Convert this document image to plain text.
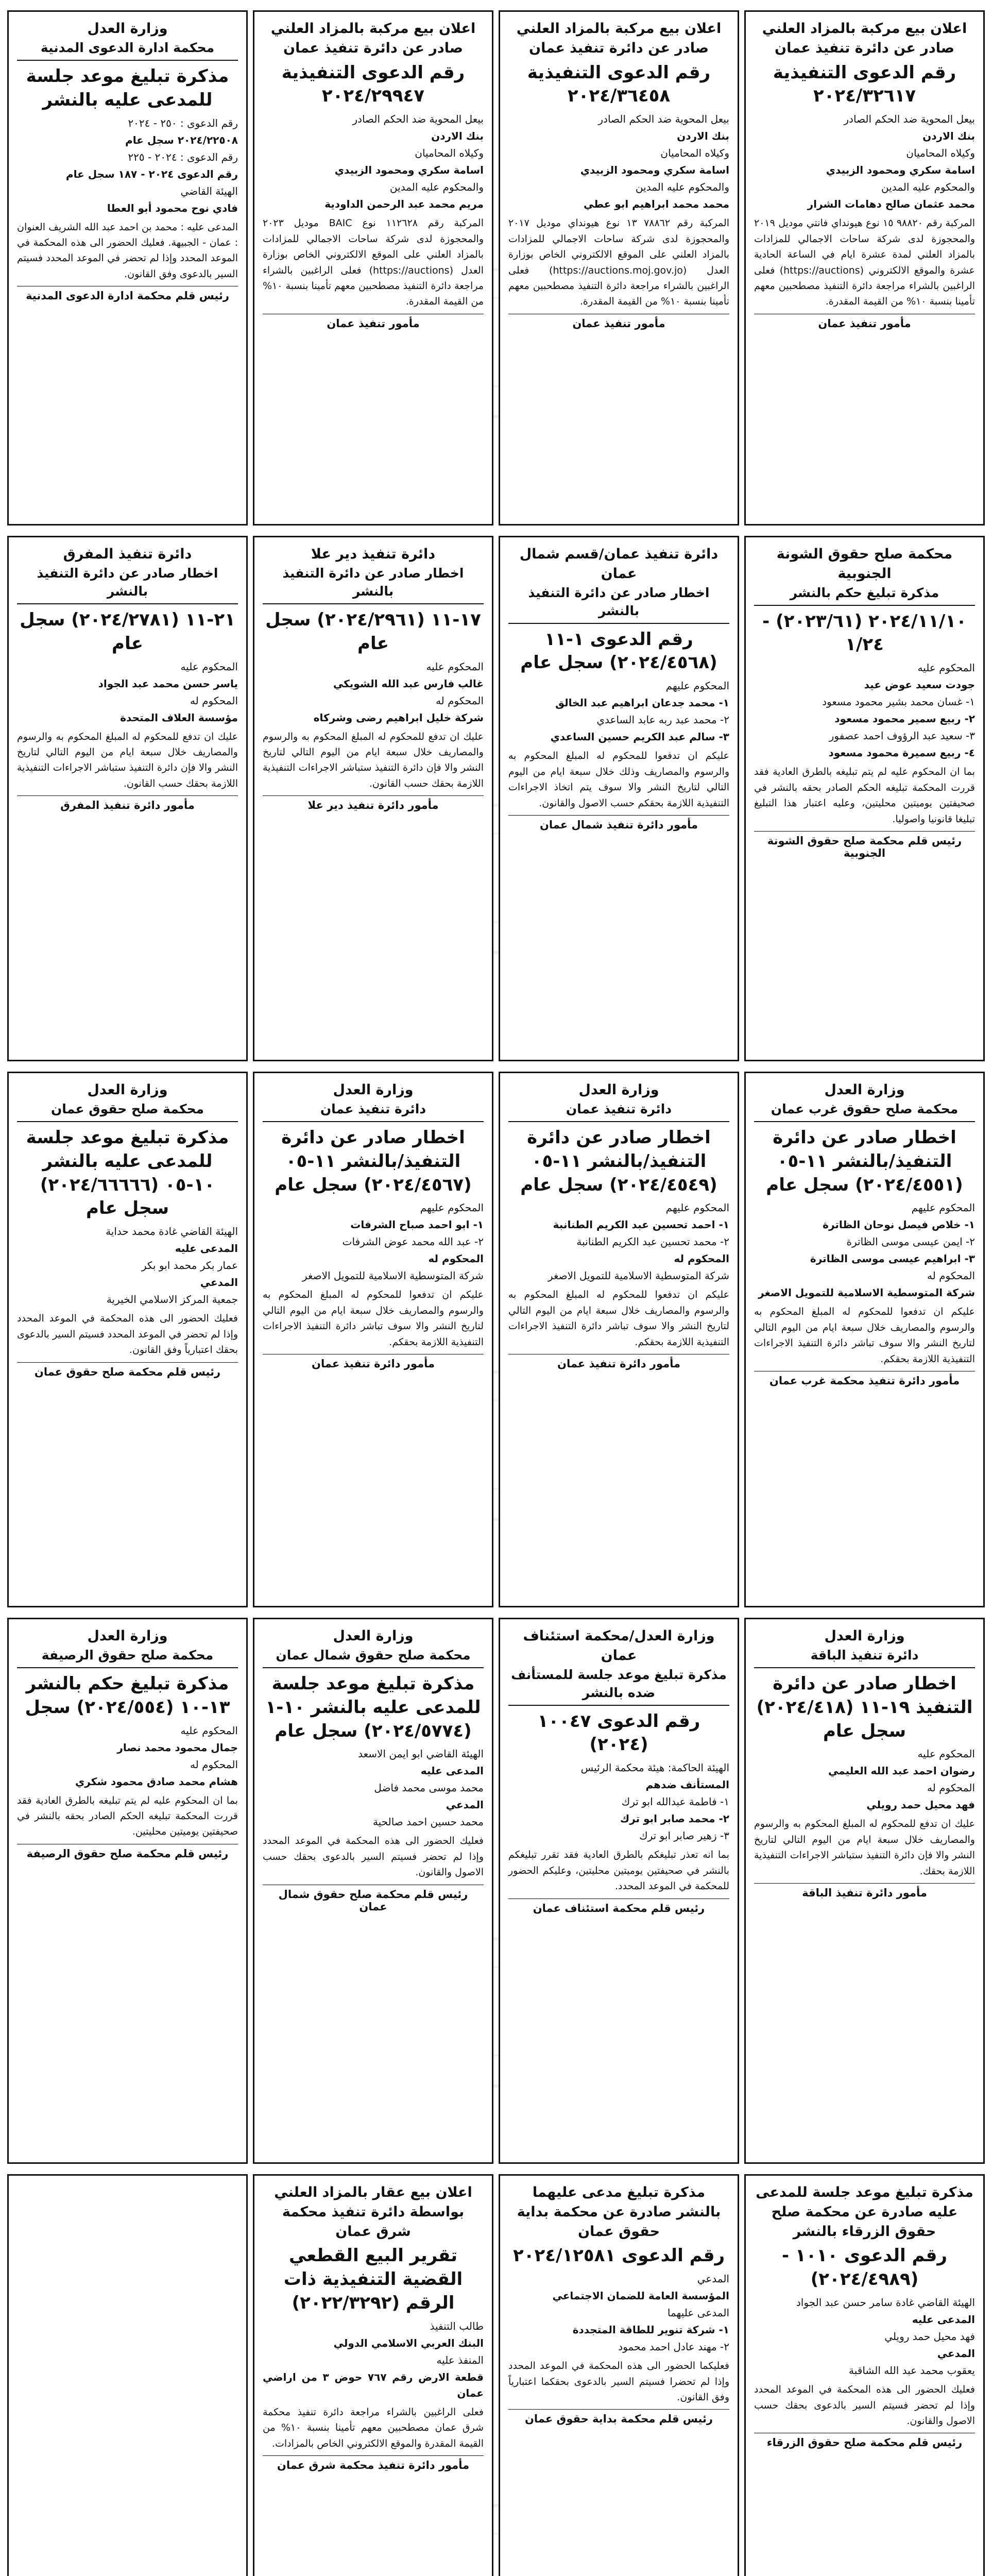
اعلان بيع مركبة بالمزاد العلني صادر عن دائرة تنفيذ عمان
رقم الدعوى التنفيذية ٢٠٢٤/٣٢٦١٧
بيعل المحوية ضد الحكم الصادر
بنك الاردن
وكيلاه المحاميان
اسامة سكري ومحمود الزبيدي
والمحكوم عليه المدين
محمد عثمان صالح دهامات الشرار
المركبة رقم ٩٨٨٢٠ ١٥ نوع هيونداي فانتي موديل ٢٠١٩ والمحجوزة لدى شركة ساحات الاجمالي للمزادات بالمزاد العلني لمدة عشرة ايام في الساعة الحادية عشرة والموقع الالكتروني (https://auctions) فعلى الراغبين بالشراء مراجعة دائرة التنفيذ مصطحبين معهم تأمينا بنسبة ١٠% من القيمة المقدرة.
مأمور تنفيذ عمان
اعلان بيع مركبة بالمزاد العلني صادر عن دائرة تنفيذ عمان
رقم الدعوى التنفيذية ٢٠٢٤/٣٦٤٥٨
بيعل المحوية ضد الحكم الصادر
بنك الاردن
وكيلاه المحاميان
اسامة سكري ومحمود الزبيدي
والمحكوم عليه المدين
محمد محمد ابراهيم ابو عطي
المركبة رقم ٧٨٨٦٢ ١٣ نوع هيونداي موديل ٢٠١٧ والمحجوزة لدى شركة ساحات الاجمالي للمزادات بالمزاد العلني على الموقع الالكتروني الخاص بوزارة العدل (https://auctions.moj.gov.jo) فعلى الراغبين بالشراء مراجعة دائرة التنفيذ مصطحبين معهم تأمينا بنسبة ١٠% من القيمة المقدرة.
مأمور تنفيذ عمان
اعلان بيع مركبة بالمزاد العلني صادر عن دائرة تنفيذ عمان
رقم الدعوى التنفيذية ٢٠٢٤/٢٩٩٤٧
بيعل المحوية ضد الحكم الصادر
بنك الاردن
وكيلاه المحاميان
اسامة سكري ومحمود الزبيدي
والمحكوم عليه المدين
مريم محمد عبد الرحمن الداودية
المركبة رقم ١١٢٦٢٨ نوع BAIC موديل ٢٠٢٣ والمحجوزة لدى شركة ساحات الاجمالي للمزادات بالمزاد العلني على الموقع الالكتروني الخاص بوزارة العدل (https://auctions) فعلى الراغبين بالشراء مراجعة دائرة التنفيذ مصطحبين معهم تأمينا بنسبة ١٠% من القيمة المقدرة.
مأمور تنفيذ عمان
وزارة العدل
محكمة ادارة الدعوى المدنية
مذكرة تبليغ موعد جلسة للمدعى عليه بالنشر
رقم الدعوى : ٢٥٠ - ٢٠٢٤
٢٠٢٤/٢٢٥٠٨ سجل عام
رقم الدعوى : ٢٠٢٤ - ٢٢٥
رقم الدعوى ٢٠٢٤ - ١٨٧ سجل عام
الهيئة القاضي
فادي نوح محمود أبو العطا
المدعى عليه : محمد بن احمد عبد الله الشريف العنوان : عمان - الجبيهة. فعليك الحضور الى هذه المحكمة في الموعد المحدد وإذا لم تحضر في الموعد المحدد فسيتم السير بالدعوى وفق القانون.
رئيس قلم محكمة ادارة الدعوى المدنية
محكمة صلح حقوق الشونة الجنوبية
مذكرة تبليغ حكم بالنشر
٢٠٢٤/١١/١٠ (٢٠٢٣/٦١) - ١/٢٤
المحكوم عليه
جودت سعيد عوض عيد
١- غسان محمد بشير محمود مسعود
٢- ربيع سمير محمود مسعود
٣- سعيد عبد الرؤوف احمد عصفور
٤- ربيع سميرة محمود مسعود
بما ان المحكوم عليه لم يتم تبليغه بالطرق العادية فقد قررت المحكمة تبليغه الحكم الصادر بحقه بالنشر في صحيفتين يوميتين محليتين، وعليه اعتبار هذا التبليغ تبليغا قانونيا واصوليا.
رئيس قلم محكمة صلح حقوق الشونة الجنوبية
دائرة تنفيذ عمان/قسم شمال عمان
اخطار صادر عن دائرة التنفيذ بالنشر
رقم الدعوى ١-١١ (٢٠٢٤/٤٥٦٨) سجل عام
المحكوم عليهم
١- محمد جدعان ابراهيم عبد الخالق
٢- محمد عبد ربه عابد الساعدي
٣- سالم عبد الكريم حسين الساعدي
عليكم ان تدفعوا للمحكوم له المبلغ المحكوم به والرسوم والمصاريف وذلك خلال سبعة ايام من اليوم التالي لتاريخ النشر والا سوف يتم اتخاذ الاجراءات التنفيذية اللازمة بحقكم حسب الاصول والقانون.
مأمور دائرة تنفيذ شمال عمان
دائرة تنفيذ دير علا
اخطار صادر عن دائرة التنفيذ بالنشر
١٧-١١ (٢٠٢٤/٢٩٦١) سجل عام
المحكوم عليه
غالب فارس عبد الله الشويكي
المحكوم له
شركة خليل ابراهيم رضى وشركاه
عليك ان تدفع للمحكوم له المبلغ المحكوم به والرسوم والمصاريف خلال سبعة ايام من اليوم التالي لتاريخ النشر والا فإن دائرة التنفيذ ستباشر الاجراءات التنفيذية اللازمة بحقك حسب القانون.
مأمور دائرة تنفيذ دير علا
دائرة تنفيذ المفرق
اخطار صادر عن دائرة التنفيذ بالنشر
٢١-١١ (٢٠٢٤/٢٧٨١) سجل عام
المحكوم عليه
ياسر حسن محمد عبد الجواد
المحكوم له
مؤسسة العلاف المتحدة
عليك ان تدفع للمحكوم له المبلغ المحكوم به والرسوم والمصاريف خلال سبعة ايام من اليوم التالي لتاريخ النشر والا فإن دائرة التنفيذ ستباشر الاجراءات التنفيذية اللازمة بحقك حسب القانون.
مأمور دائرة تنفيذ المفرق
وزارة العدل
محكمة صلح حقوق غرب عمان
اخطار صادر عن دائرة التنفيذ/بالنشر ١١-٠٥ (٢٠٢٤/٤٥٥١) سجل عام
المحكوم عليهم
١- خلاص فيصل نوحان الظاترة
٢- ايمن عيسى موسى الظاترة
٣- ابراهيم عيسى موسى الظاترة
المحكوم له
شركة المتوسطية الاسلامية للتمويل الاصغر
عليكم ان تدفعوا للمحكوم له المبلغ المحكوم به والرسوم والمصاريف خلال سبعة ايام من اليوم التالي لتاريخ النشر والا سوف تباشر دائرة التنفيذ الاجراءات التنفيذية اللازمة بحقكم.
مأمور دائرة تنفيذ محكمة غرب عمان
وزارة العدل
دائرة تنفيذ عمان
اخطار صادر عن دائرة التنفيذ/بالنشر ١١-٠٥ (٢٠٢٤/٤٥٤٩) سجل عام
المحكوم عليهم
١- احمد تحسين عبد الكريم الطنانبة
٢- محمد تحسين عبد الكريم الطنانبة
المحكوم له
شركة المتوسطية الاسلامية للتمويل الاصغر
عليكم ان تدفعوا للمحكوم له المبلغ المحكوم به والرسوم والمصاريف خلال سبعة ايام من اليوم التالي لتاريخ النشر والا سوف تباشر دائرة التنفيذ الاجراءات التنفيذية اللازمة بحقكم.
مأمور دائرة تنفيذ عمان
وزارة العدل
دائرة تنفيذ عمان
اخطار صادر عن دائرة التنفيذ/بالنشر ١١-٠٥ (٢٠٢٤/٤٥٦٧) سجل عام
المحكوم عليهم
١- ابو احمد صباح الشرفات
٢- عبد الله محمد عوض الشرفات
المحكوم له
شركة المتوسطية الاسلامية للتمويل الاصغر
عليكم ان تدفعوا للمحكوم له المبلغ المحكوم به والرسوم والمصاريف خلال سبعة ايام من اليوم التالي لتاريخ النشر والا سوف تباشر دائرة التنفيذ الاجراءات التنفيذية اللازمة بحقكم.
مأمور دائرة تنفيذ عمان
وزارة العدل
محكمة صلح حقوق عمان
مذكرة تبليغ موعد جلسة للمدعى عليه بالنشر ١٠-٠٥ (٢٠٢٤/٦٦٦٦٦) سجل عام
الهيئة القاضي غادة محمد حداية
المدعى عليه
عمار بكر محمد ابو بكر
المدعي
جمعية المركز الاسلامي الخيرية
فعليك الحضور الى هذه المحكمة في الموعد المحدد وإذا لم تحضر في الموعد المحدد فسيتم السير بالدعوى بحقك اعتبارياً وفق القانون.
رئيس قلم محكمة صلح حقوق عمان
وزارة العدل
دائرة تنفيذ الباقة
اخطار صادر عن دائرة التنفيذ ١٩-١١ (٢٠٢٤/٤١٨) سجل عام
المحكوم عليه
رضوان احمد عبد الله العليمي
المحكوم له
فهد محيل حمد رويلي
عليك ان تدفع للمحكوم له المبلغ المحكوم به والرسوم والمصاريف خلال سبعة ايام من اليوم التالي لتاريخ النشر والا فإن دائرة التنفيذ ستباشر الاجراءات التنفيذية اللازمة بحقك.
مأمور دائرة تنفيذ الباقة
وزارة العدل/محكمة استئناف عمان
مذكرة تبليغ موعد جلسة للمستأنف ضده بالنشر
رقم الدعوى ١٠٠٤٧ (٢٠٢٤)
الهيئة الحاكمة: هيئة محكمة الرئيس
المستأنف ضدهم
١- فاطمة عبدالله ابو ترك
٢- محمد صابر ابو ترك
٣- زهير صابر ابو ترك
بما انه تعذر تبليغكم بالطرق العادية فقد تقرر تبليغكم بالنشر في صحيفتين يوميتين محليتين، وعليكم الحضور للمحكمة في الموعد المحدد.
رئيس قلم محكمة استئناف عمان
وزارة العدل
محكمة صلح حقوق شمال عمان
مذكرة تبليغ موعد جلسة للمدعى عليه بالنشر ١٠-١ (٢٠٢٤/٥٧٧٤) سجل عام
الهيئة القاضي ابو ايمن الاسعد
المدعى عليه
محمد موسى محمد فاضل
المدعي
محمد حسين احمد صالحية
فعليك الحضور الى هذه المحكمة في الموعد المحدد وإذا لم تحضر فسيتم السير بالدعوى بحقك حسب الاصول والقانون.
رئيس قلم محكمة صلح حقوق شمال عمان
وزارة العدل
محكمة صلح حقوق الرصيفة
مذكرة تبليغ حكم بالنشر ١٣-١٠ (٢٠٢٤/٥٥٤) سجل
المحكوم عليه
جمال محمود محمد نصار
المحكوم له
هشام محمد صادق محمود شكري
بما ان المحكوم عليه لم يتم تبليغه بالطرق العادية فقد قررت المحكمة تبليغه الحكم الصادر بحقه بالنشر في صحيفتين يوميتين محليتين.
رئيس قلم محكمة صلح حقوق الرصيفة
مذكرة تبليغ موعد جلسة للمدعى عليه صادرة عن محكمة صلح حقوق الزرقاء بالنشر
رقم الدعوى ١٠١٠ - (٢٠٢٤/٤٩٨٩)
الهيئة القاضي غادة سامر حسن عبد الجواد
المدعى عليه
فهد محيل حمد رويلي
المدعي
يعقوب محمد عبد الله الشاقبة
فعليك الحضور الى هذه المحكمة في الموعد المحدد وإذا لم تحضر فسيتم السير بالدعوى بحقك حسب الاصول والقانون.
رئيس قلم محكمة صلح حقوق الزرقاء
مذكرة تبليغ مدعى عليهما بالنشر صادرة عن محكمة بداية حقوق عمان
رقم الدعوى ٢٠٢٤/١٢٥٨١
المدعي
المؤسسة العامة للضمان الاجتماعي
المدعى عليهما
١- شركة تنوير للطاقة المتجددة
٢- مهند عادل احمد محمود
فعليكما الحضور الى هذه المحكمة في الموعد المحدد وإذا لم تحضرا فسيتم السير بالدعوى بحقكما اعتبارياً وفق القانون.
رئيس قلم محكمة بداية حقوق عمان
اعلان بيع عقار بالمزاد العلني بواسطة دائرة تنفيذ محكمة شرق عمان
تقرير البيع القطعي القضية التنفيذية ذات الرقم (٢٠٢٢/٣٢٩٢)
طالب التنفيذ
البنك العربي الاسلامي الدولي
المنفذ عليه
قطعة الارض رقم ٧٦٧ حوض ٣ من اراضي عمان
فعلى الراغبين بالشراء مراجعة دائرة تنفيذ محكمة شرق عمان مصطحبين معهم تأمينا بنسبة ١٠% من القيمة المقدرة والموقع الالكتروني الخاص بالمزادات.
مأمور دائرة تنفيذ محكمة شرق عمان
